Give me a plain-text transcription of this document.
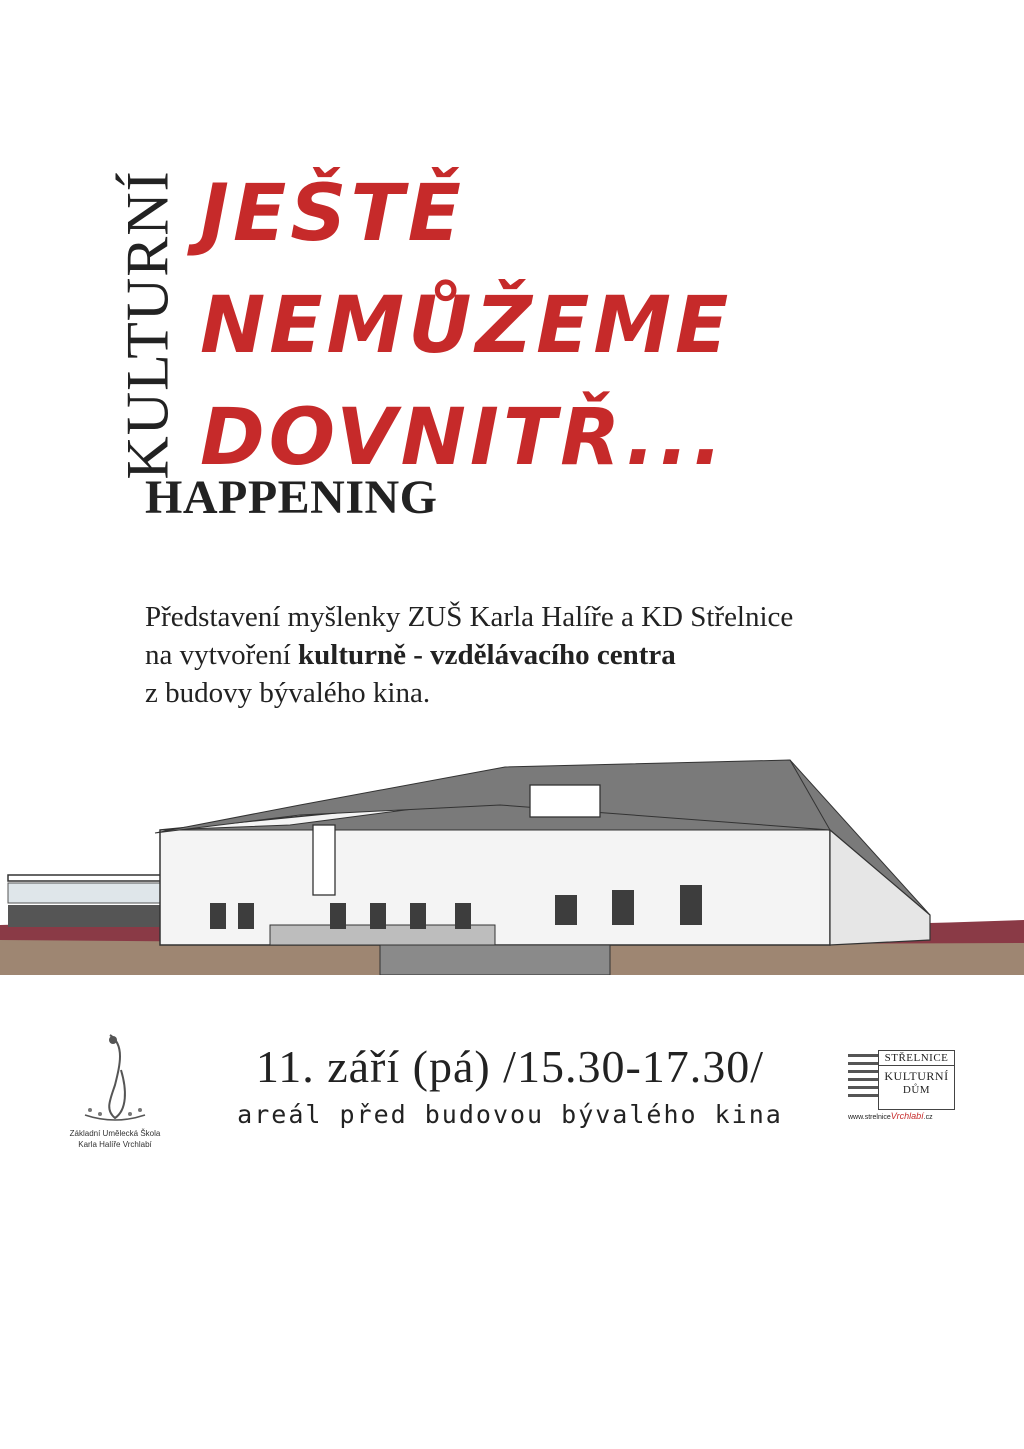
KULTURNÍ
HAPPENING
JEŠTĚ
NEMŮŽEME
DOVNITŘ...

Představení myšlenky ZUŠ Karla Halíře a KD Střelnice
na vytvoření kulturně - vzdělávacího centra
z budovy bývalého kina.

Základní Umělecká Škola
Karla Halíře Vrchlabí
11. září (pá) /15.30-17.30/
areál před budovou bývalého kina
STŘELNICE
KULTURNÍ
DŮM
www.strelniceVrchlabí.cz
